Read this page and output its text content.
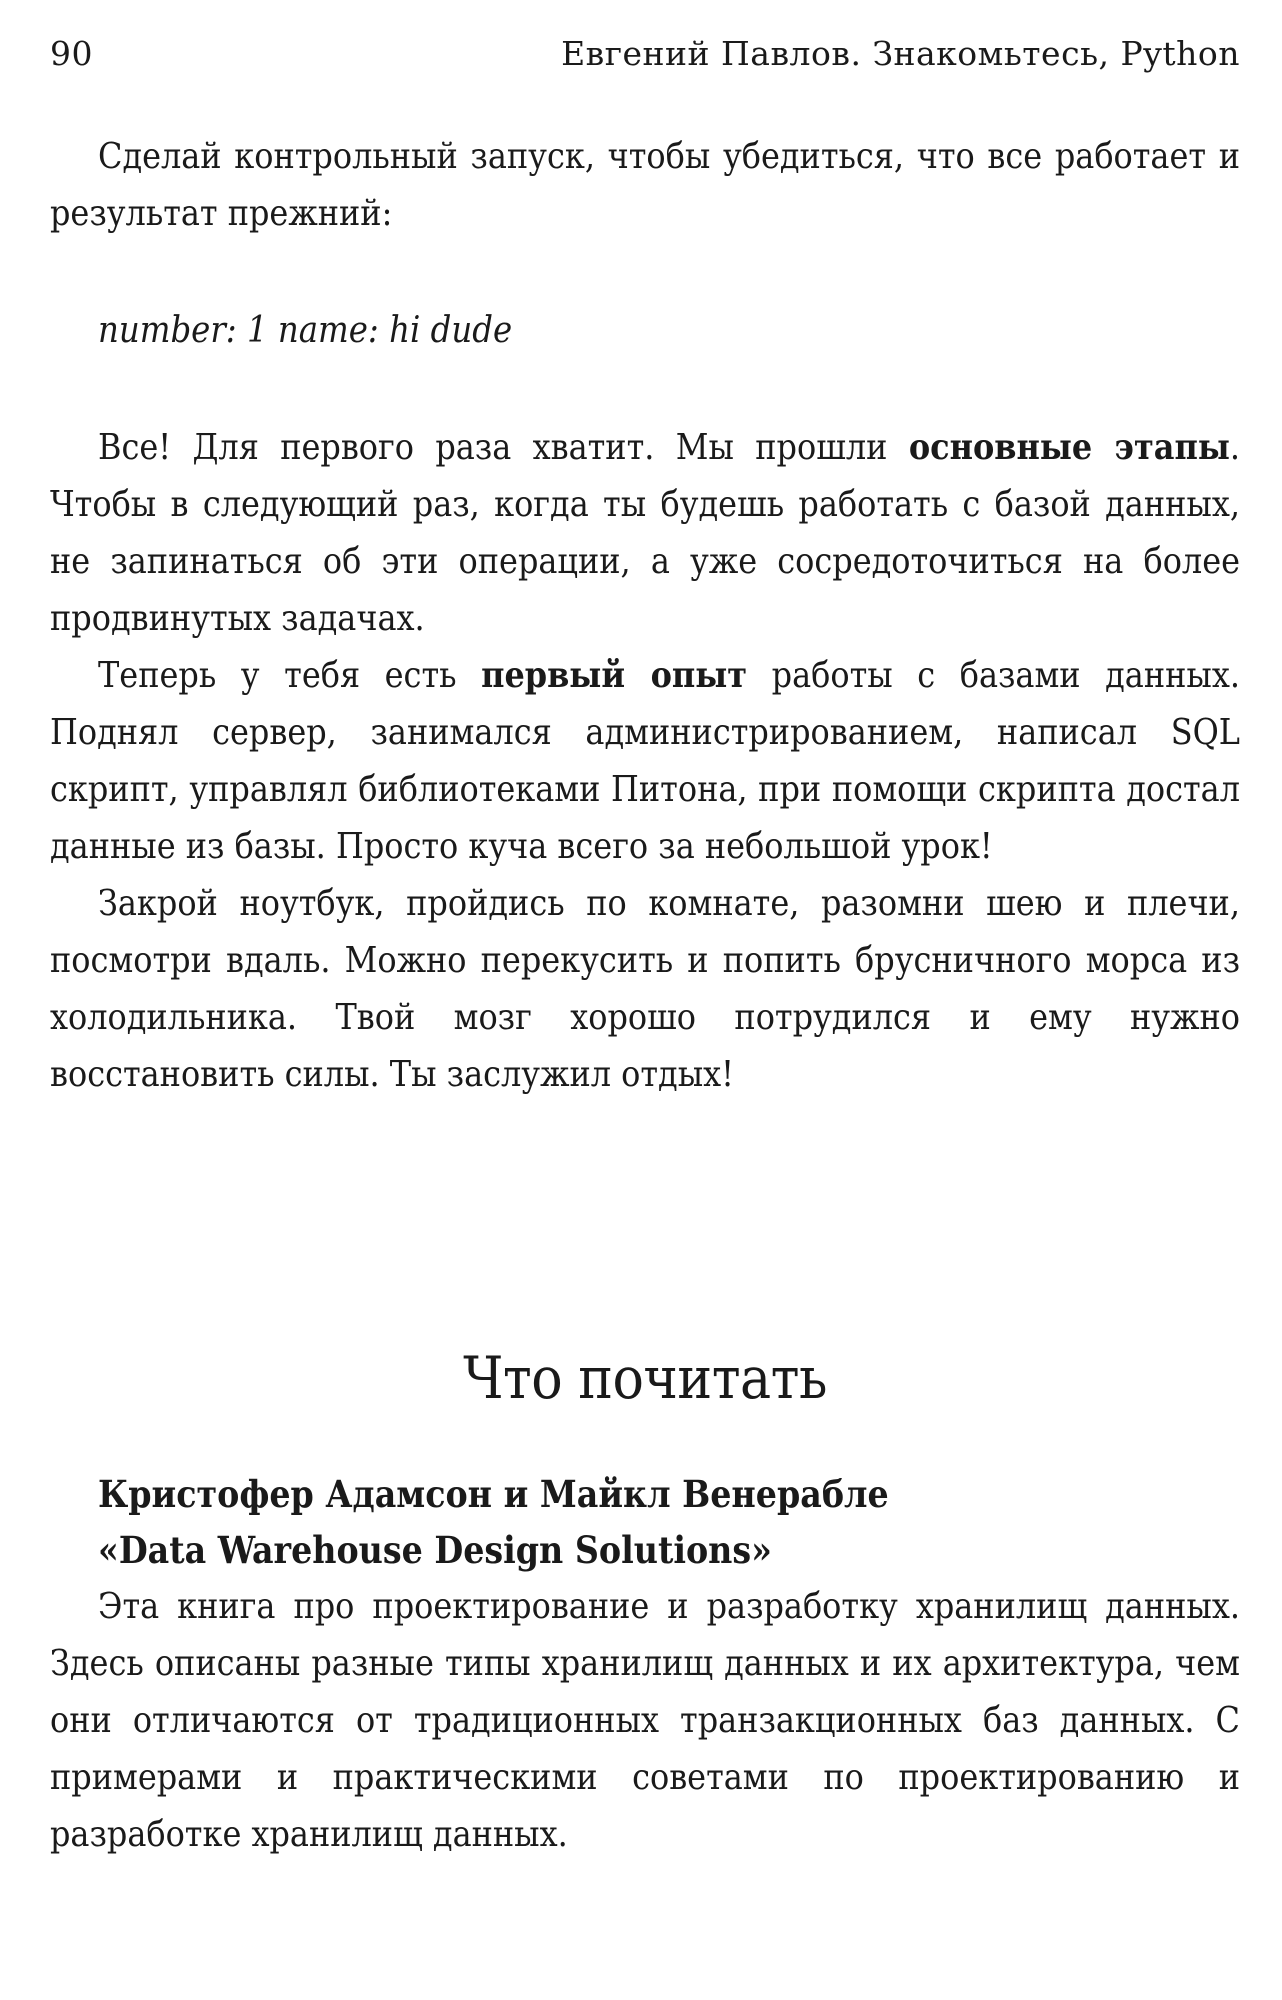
90	Евгений Павлов. Знакомьтесь, Python

Сделай контрольный запуск, чтобы убедиться, что все работает и результат прежний:

number: 1 name: hi dude

Все! Для первого раза хватит. Мы прошли основные этапы. Чтобы в следующий раз, когда ты будешь работать с базой данных, не запинаться об эти операции, а уже сосредоточиться на более продвинутых задачах.

Теперь у тебя есть первый опыт работы с базами данных. Поднял сервер, занимался администрированием, написал SQL скрипт, управлял библиотеками Питона, при помощи скрипта достал данные из базы. Просто куча всего за небольшой урок!

Закрой ноутбук, пройдись по комнате, разомни шею и плечи, посмотри вдаль. Можно перекусить и попить брусничного морса из холодильника. Твой мозг хорошо потрудился и ему нужно восстановить силы. Ты заслужил отдых!

Что почитать
Кристофер Адамсон и Майкл Венерабле
«Data Warehouse Design Solutions»

Эта книга про проектирование и разработку хранилищ данных. Здесь описаны разные типы хранилищ данных и их архитектура, чем они отличаются от традиционных транзакционных баз данных. С примерами и практическими советами по проектированию и разработке хранилищ данных.
